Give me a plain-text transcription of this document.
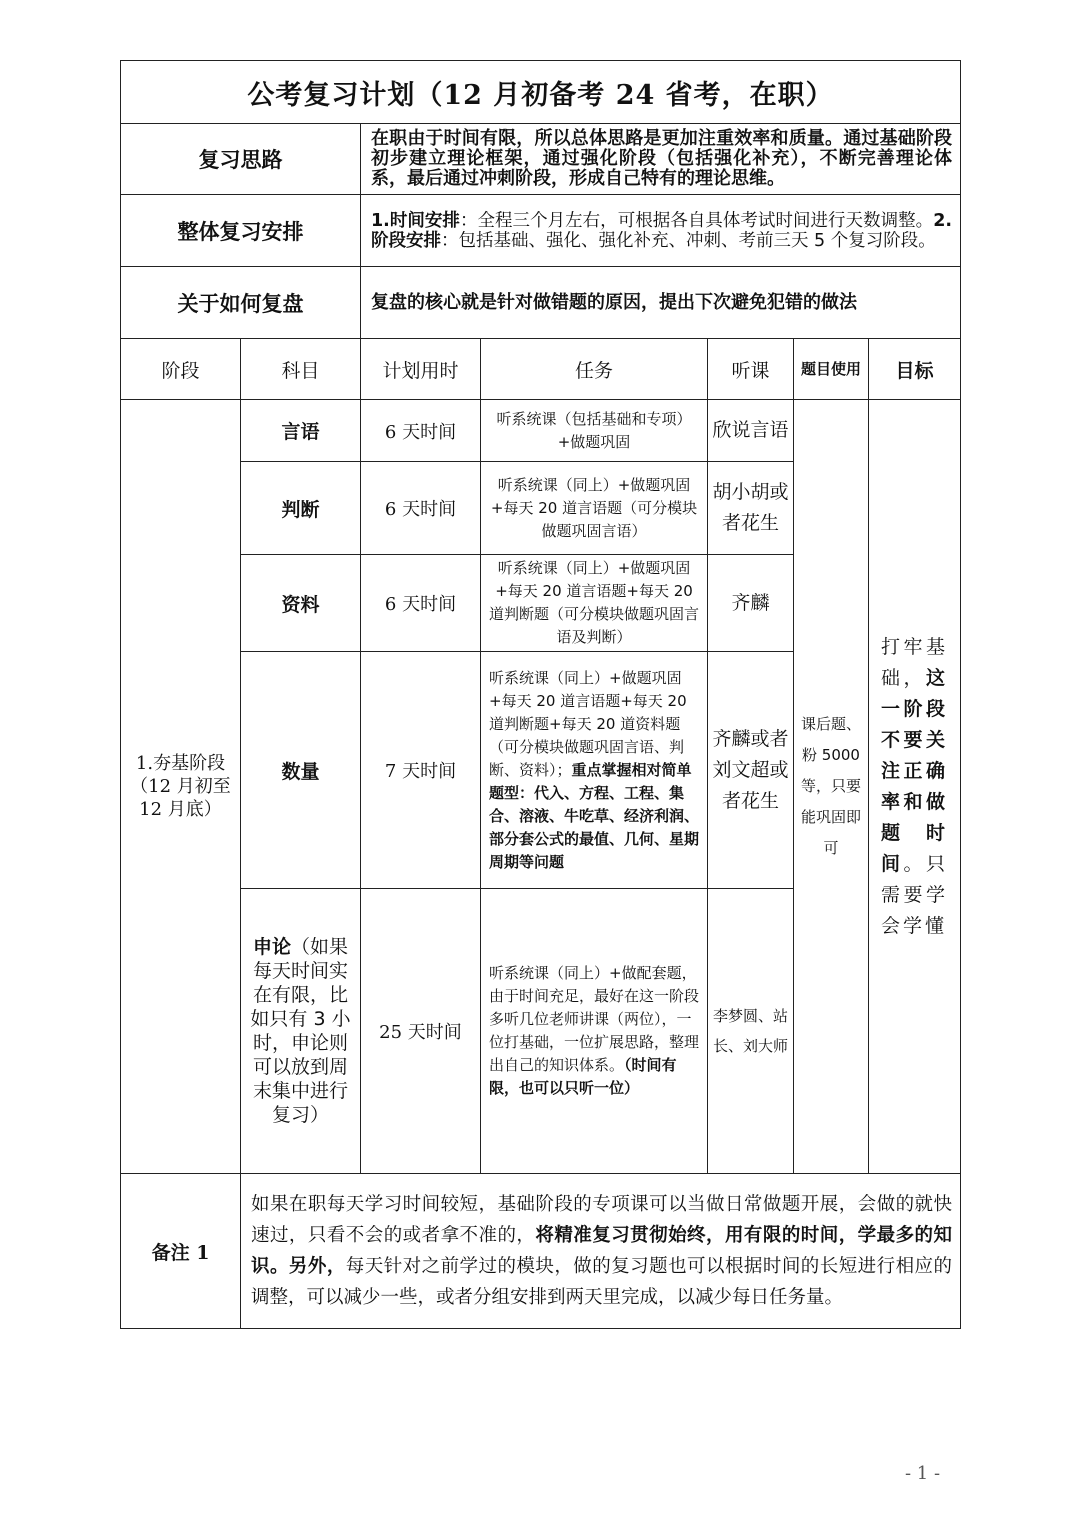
公考复习计划（12 月初备考 24 省考，在职）						
复习思路		在职由于时间有限，所以总体思路是更加注重效率和质量。通过基础阶段初步建立理论框架，通过强化阶段（包括强化补充），不断完善理论体系，最后通过冲刺阶段，形成自己特有的理论思维。				
整体复习安排		1.时间安排：全程三个月左右，可根据各自具体考试时间进行天数调整。2.阶段安排：包括基础、强化、强化补充、冲刺、考前三天 5 个复习阶段。				
关于如何复盘		复盘的核心就是针对做错题的原因，提出下次避免犯错的做法				
阶段	科目	计划用时	任务	听课	题目使用	目标
1.夯基阶段（12 月初至 12 月底）	言语	6 天时间	听系统课（包括基础和专项）+做题巩固	欣说言语	课后题、粉 5000 等，只要能巩固即可	打牢基础，这一阶段不要关注正确率和做题时间。只需要学会学懂
	判断	6 天时间	听系统课（同上）+做题巩固+每天 20 道言语题（可分模块做题巩固言语）	胡小胡或者花生		
	资料	6 天时间	听系统课（同上）+做题巩固+每天 20 道言语题+每天 20 道判断题（可分模块做题巩固言语及判断）	齐麟		
	数量	7 天时间	听系统课（同上）+做题巩固+每天 20 道言语题+每天 20 道判断题+每天 20 道资料题（可分模块做题巩固言语、判断、资料）；重点掌握相对简单题型：代入、方程、工程、集合、溶液、牛吃草、经济利润、部分套公式的最值、几何、星期周期等问题	齐麟或者刘文超或者花生		
	申论（如果每天时间实在有限，比如只有 3 小时，申论则可以放到周末集中进行复习）	25 天时间	听系统课（同上）+做配套题，由于时间充足，最好在这一阶段多听几位老师讲课（两位），一位打基础，一位扩展思路，整理出自己的知识体系。（时间有限，也可以只听一位）	李梦圆、站长、刘大师		
备注 1	如果在职每天学习时间较短，基础阶段的专项课可以当做日常做题开展，会做的就快速过，只看不会的或者拿不准的，将精准复习贯彻始终，用有限的时间，学最多的知识。另外，每天针对之前学过的模块，做的复习题也可以根据时间的长短进行相应的调整，可以减少一些，或者分组安排到两天里完成，以减少每日任务量。					
- 1 -
